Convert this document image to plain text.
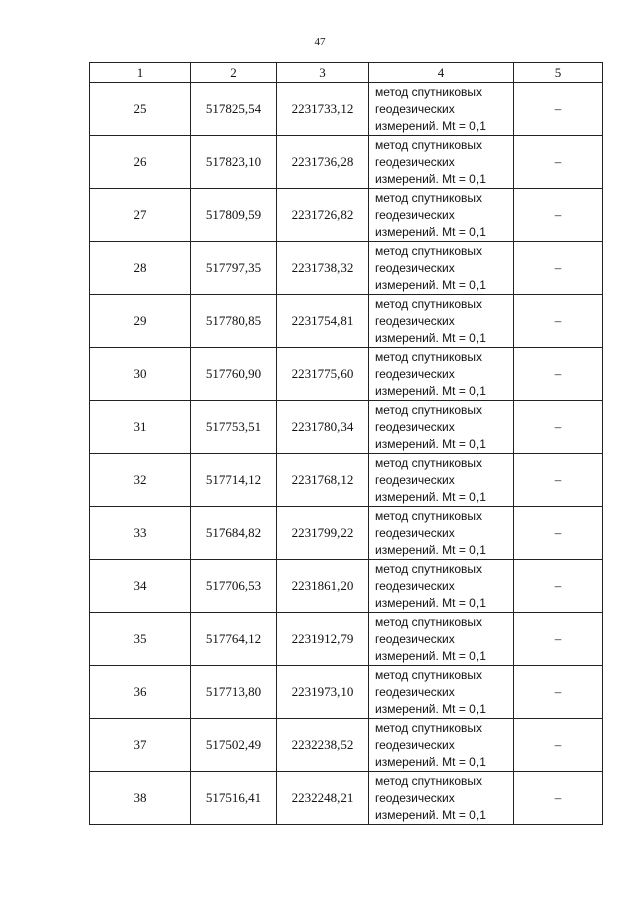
47
1	2	3	4	5
25	517825,54	2231733,12	метод спутниковых
геодезических
измерений. Mt = 0,1	–
26	517823,10	2231736,28	метод спутниковых
геодезических
измерений. Mt = 0,1	–
27	517809,59	2231726,82	метод спутниковых
геодезических
измерений. Mt = 0,1	–
28	517797,35	2231738,32	метод спутниковых
геодезических
измерений. Mt = 0,1	–
29	517780,85	2231754,81	метод спутниковых
геодезических
измерений. Mt = 0,1	–
30	517760,90	2231775,60	метод спутниковых
геодезических
измерений. Mt = 0,1	–
31	517753,51	2231780,34	метод спутниковых
геодезических
измерений. Mt = 0,1	–
32	517714,12	2231768,12	метод спутниковых
геодезических
измерений. Mt = 0,1	–
33	517684,82	2231799,22	метод спутниковых
геодезических
измерений. Mt = 0,1	–
34	517706,53	2231861,20	метод спутниковых
геодезических
измерений. Mt = 0,1	–
35	517764,12	2231912,79	метод спутниковых
геодезических
измерений. Mt = 0,1	–
36	517713,80	2231973,10	метод спутниковых
геодезических
измерений. Mt = 0,1	–
37	517502,49	2232238,52	метод спутниковых
геодезических
измерений. Mt = 0,1	–
38	517516,41	2232248,21	метод спутниковых
геодезических
измерений. Mt = 0,1	–
